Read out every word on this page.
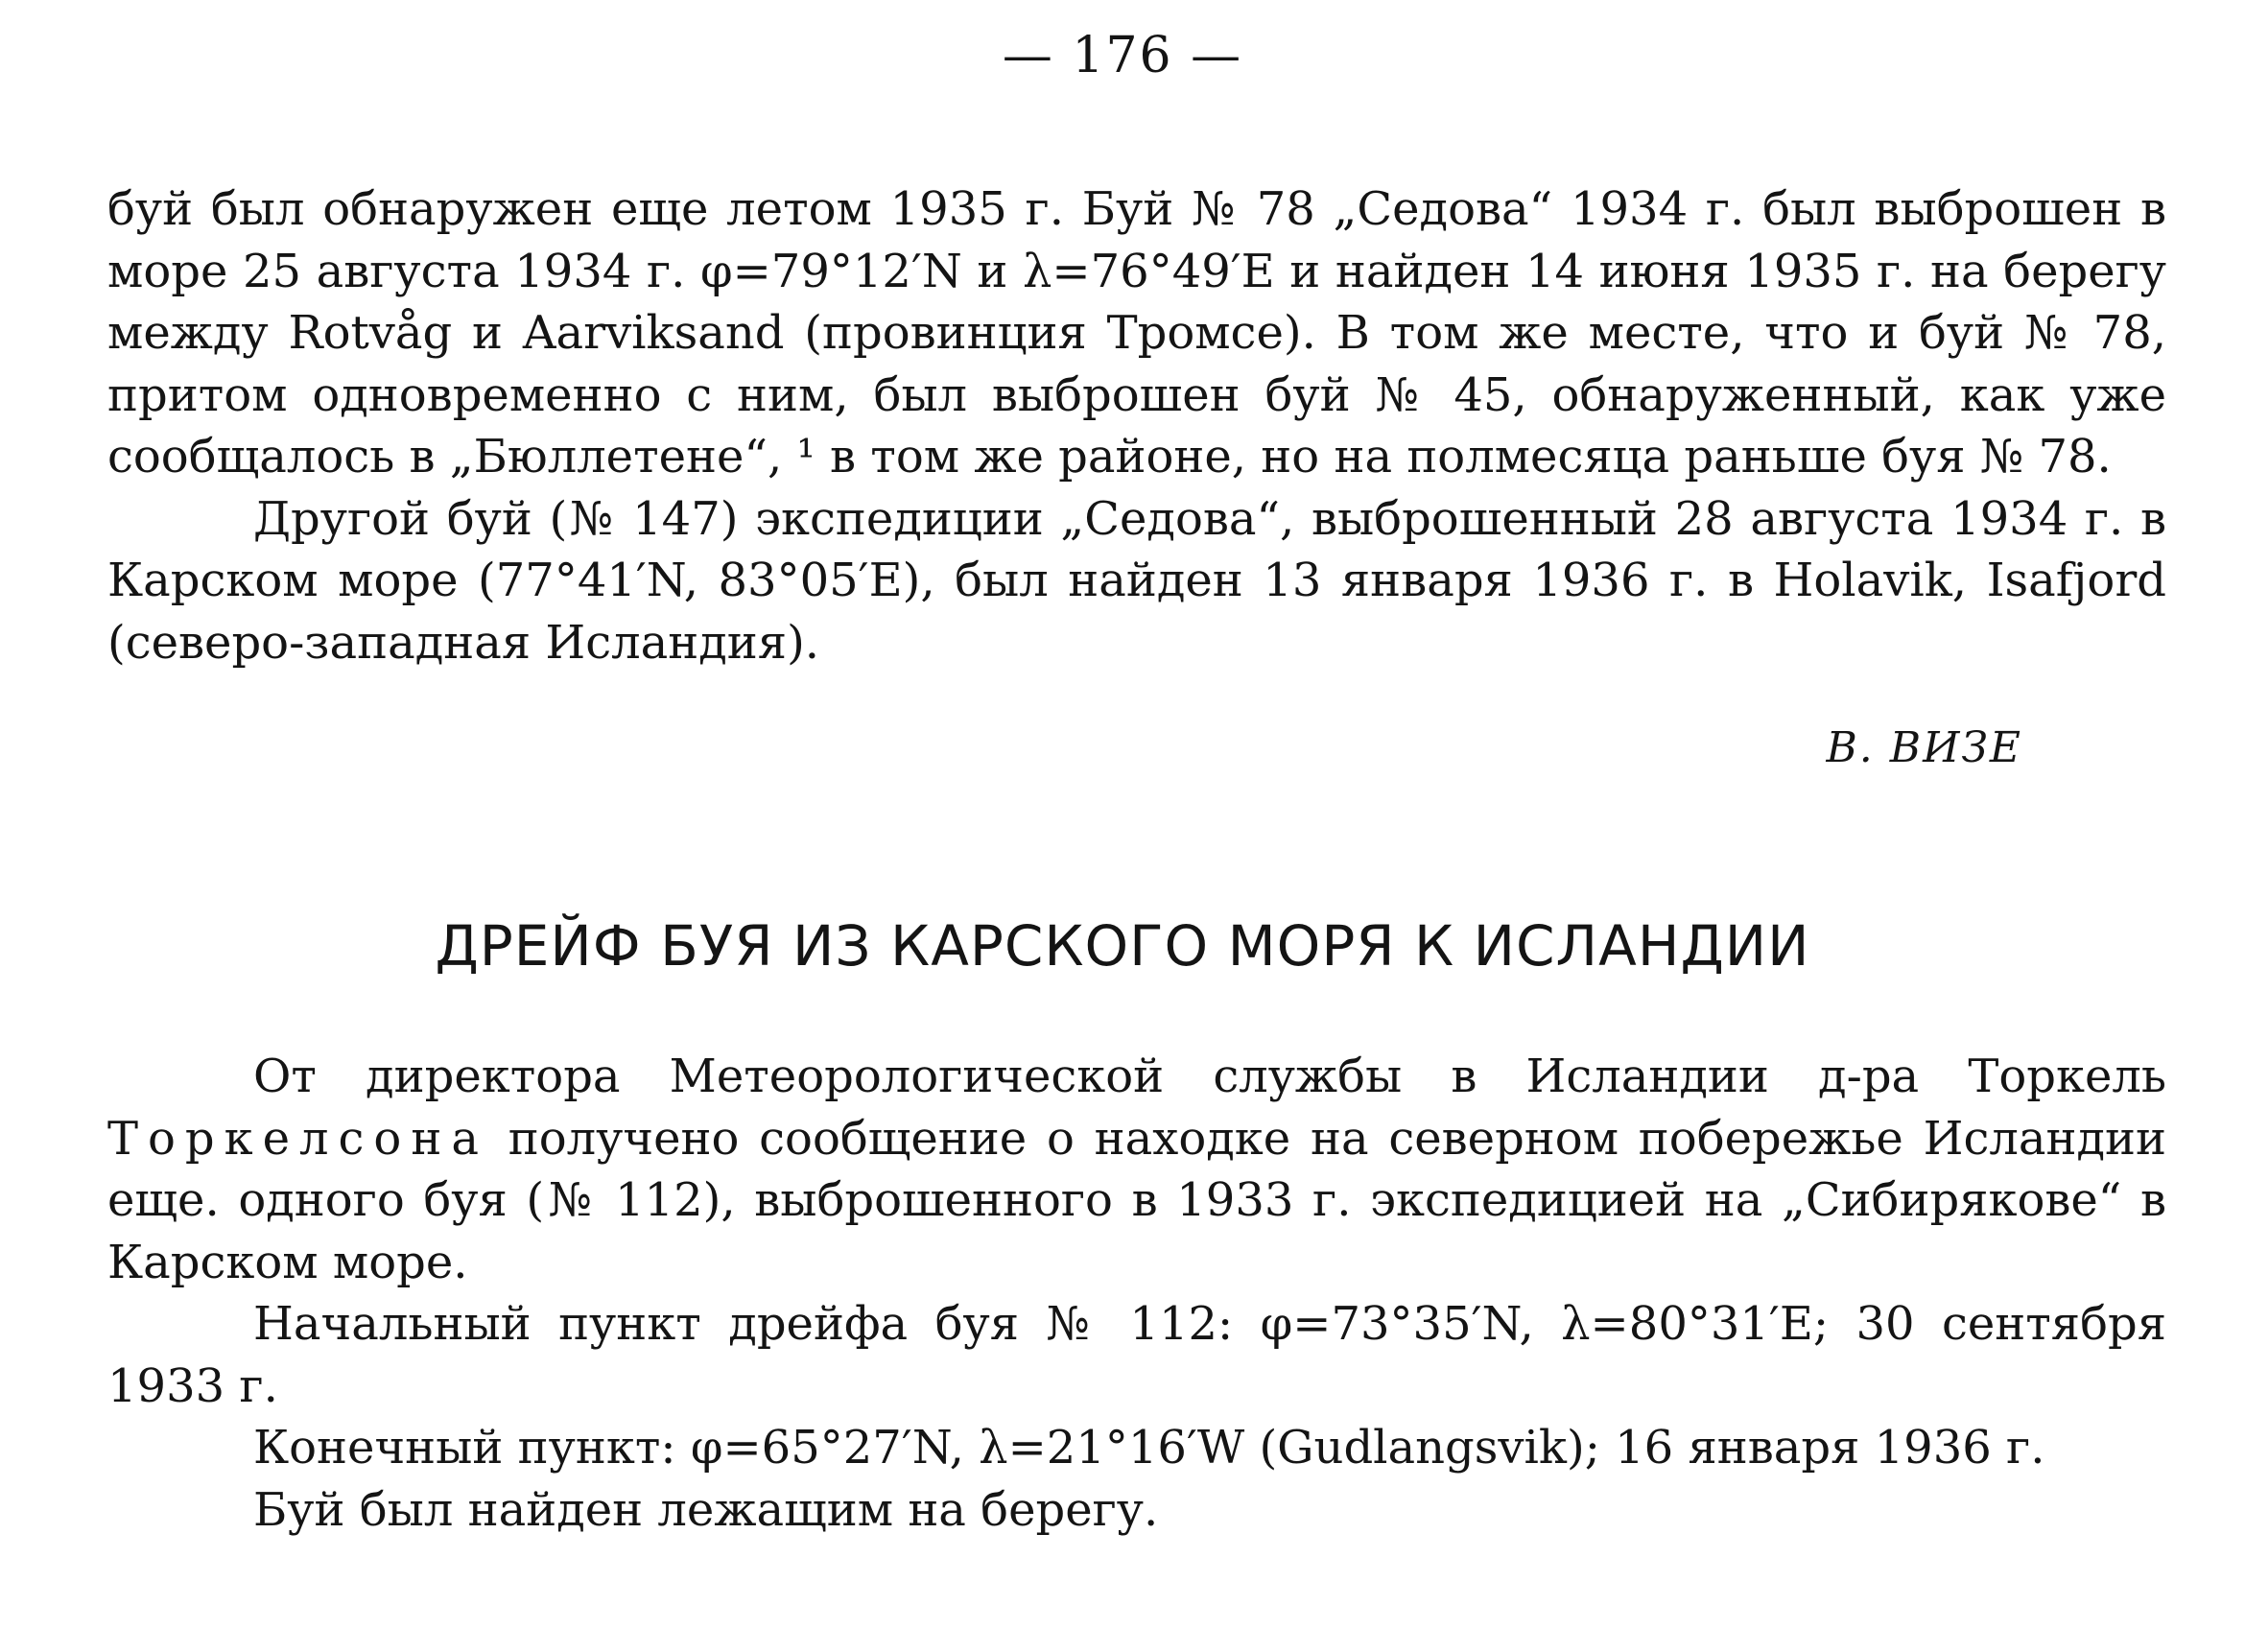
— 176 —

буй был обнаружен еще летом 1935 г. Буй № 78 „Седова“ 1934 г. был выброшен в море 25 августа 1934 г. φ=79°12′N и λ=76°49′E и найден 14 июня 1935 г. на берегу между Rotvåg и Aarviksand (провинция Тромсе). В том же месте, что и буй № 78, притом одновременно с ним, был выброшен буй № 45, обнаруженный, как уже сообщалось в „Бюллетене“, ¹ в том же районе, но на полмесяца раньше буя № 78.

Другой буй (№ 147) экспедиции „Седова“, выброшенный 28 августа 1934 г. в Карском море (77°41′N, 83°05′E), был найден 13 января 1936 г. в Holavik, Isafjord (северо-западная Исландия).

В. ВИЗЕ
ДРЕЙФ БУЯ ИЗ КАРСКОГО МОРЯ К ИСЛАНДИИ

От директора Метеорологической службы в Исландии д-ра Торкель Торкелсона получено сообщение о находке на северном побережье Исландии еще. одного буя (№ 112), выброшенного в 1933 г. экспедицией на „Сибирякове“ в Карском море.

Начальный пункт дрейфа буя № 112: φ=73°35′N, λ=80°31′E; 30 сентября 1933 г.

Конечный пункт: φ=65°27′N, λ=21°16′W (Gudlangsvik); 16 января 1936 г.

Буй был найден лежащим на берегу.
